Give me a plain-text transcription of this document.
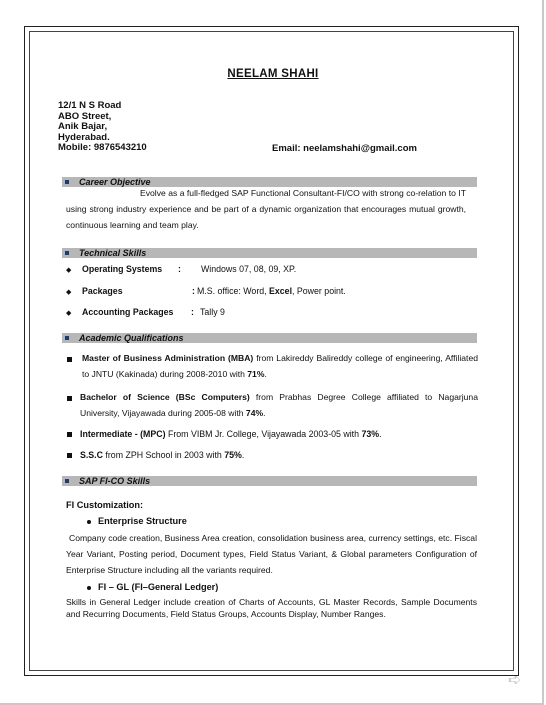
NEELAM SHAHI
12/1 N S Road
ABO Street,
Anik Bajar,
Hyderabad.
Mobile: 9876543210	Email: neelamshahi@gmail.com
Career Objective
Evolve as a full-fledged SAP Functional Consultant-FI/CO with strong co-relation to IT using strong industry experience and be part of a dynamic organization that encourages mutual growth, continuous learning and team play.
Technical Skills
◆ Operating Systems : Windows 07, 08, 09, XP.
◆ Packages	: M.S. office: Word, Excel, Power point.
◆ Accounting Packages : Tally 9
Academic Qualifications
Master of Business Administration (MBA) from Lakireddy Balireddy college of engineering, Affiliated to JNTU (Kakinada) during 2008-2010 with 71%.
Bachelor of Science (BSc Computers) from Prabhas Degree College affiliated to Nagarjuna University, Vijayawada during 2005-08 with 74%.
Intermediate - (MPC) From VIBM Jr. College, Vijayawada 2003-05 with 73%.
S.S.C from ZPH School in 2003 with 75%.
SAP FI-CO Skills
FI Customization:
Enterprise Structure
Company code creation, Business Area creation, consolidation business area, currency settings, etc. Fiscal Year Variant, Posting period, Document types, Field Status Variant, & Global parameters Configuration of Enterprise Structure including all the variants required.
FI – GL (FI–General Ledger)
Skills in General Ledger include creation of Charts of Accounts, GL Master Records, Sample Documents and Recurring Documents, Field Status Groups, Accounts Display, Number Ranges.
➪
